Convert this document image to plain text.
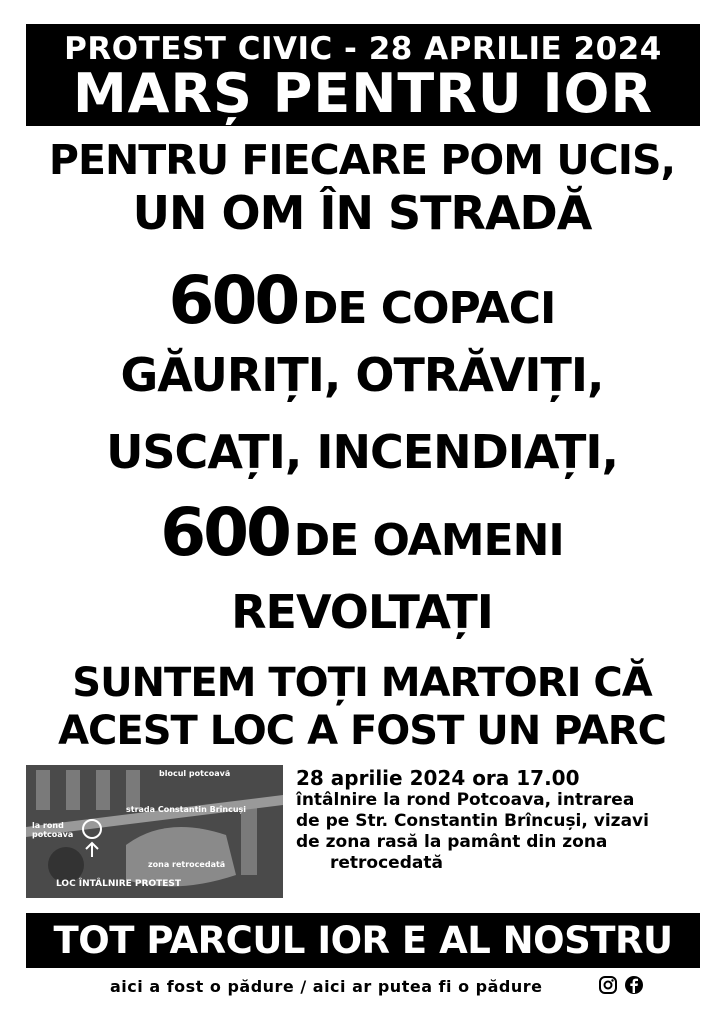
PROTEST CIVIC - 28 APRILIE 2024
MARȘ PENTRU IOR
PENTRU FIECARE POM UCIS,
UN OM ÎN STRADĂ
600 DE COPACI
GĂURIȚI, OTRĂVIȚI,
USCAȚI, INCENDIAȚI,
600 DE OAMENI
REVOLTAȚI
SUNTEM TOȚI MARTORI CĂ
ACEST LOC A FOST UN PARC
blocul potcoavă
strada Constantin Brîncuși
la rond
potcoava
zona retrocedată
LOC ÎNTÂLNIRE PROTEST
28 aprilie 2024 ora 17.00
întâlnire la rond Potcoava, intrarea
de pe Str. Constantin Brîncuși, vizavi
de zona rasă la pamânt din zona
retrocedată
TOT PARCUL IOR E AL NOSTRU
aici a fost o pădure / aici ar putea fi o pădure
